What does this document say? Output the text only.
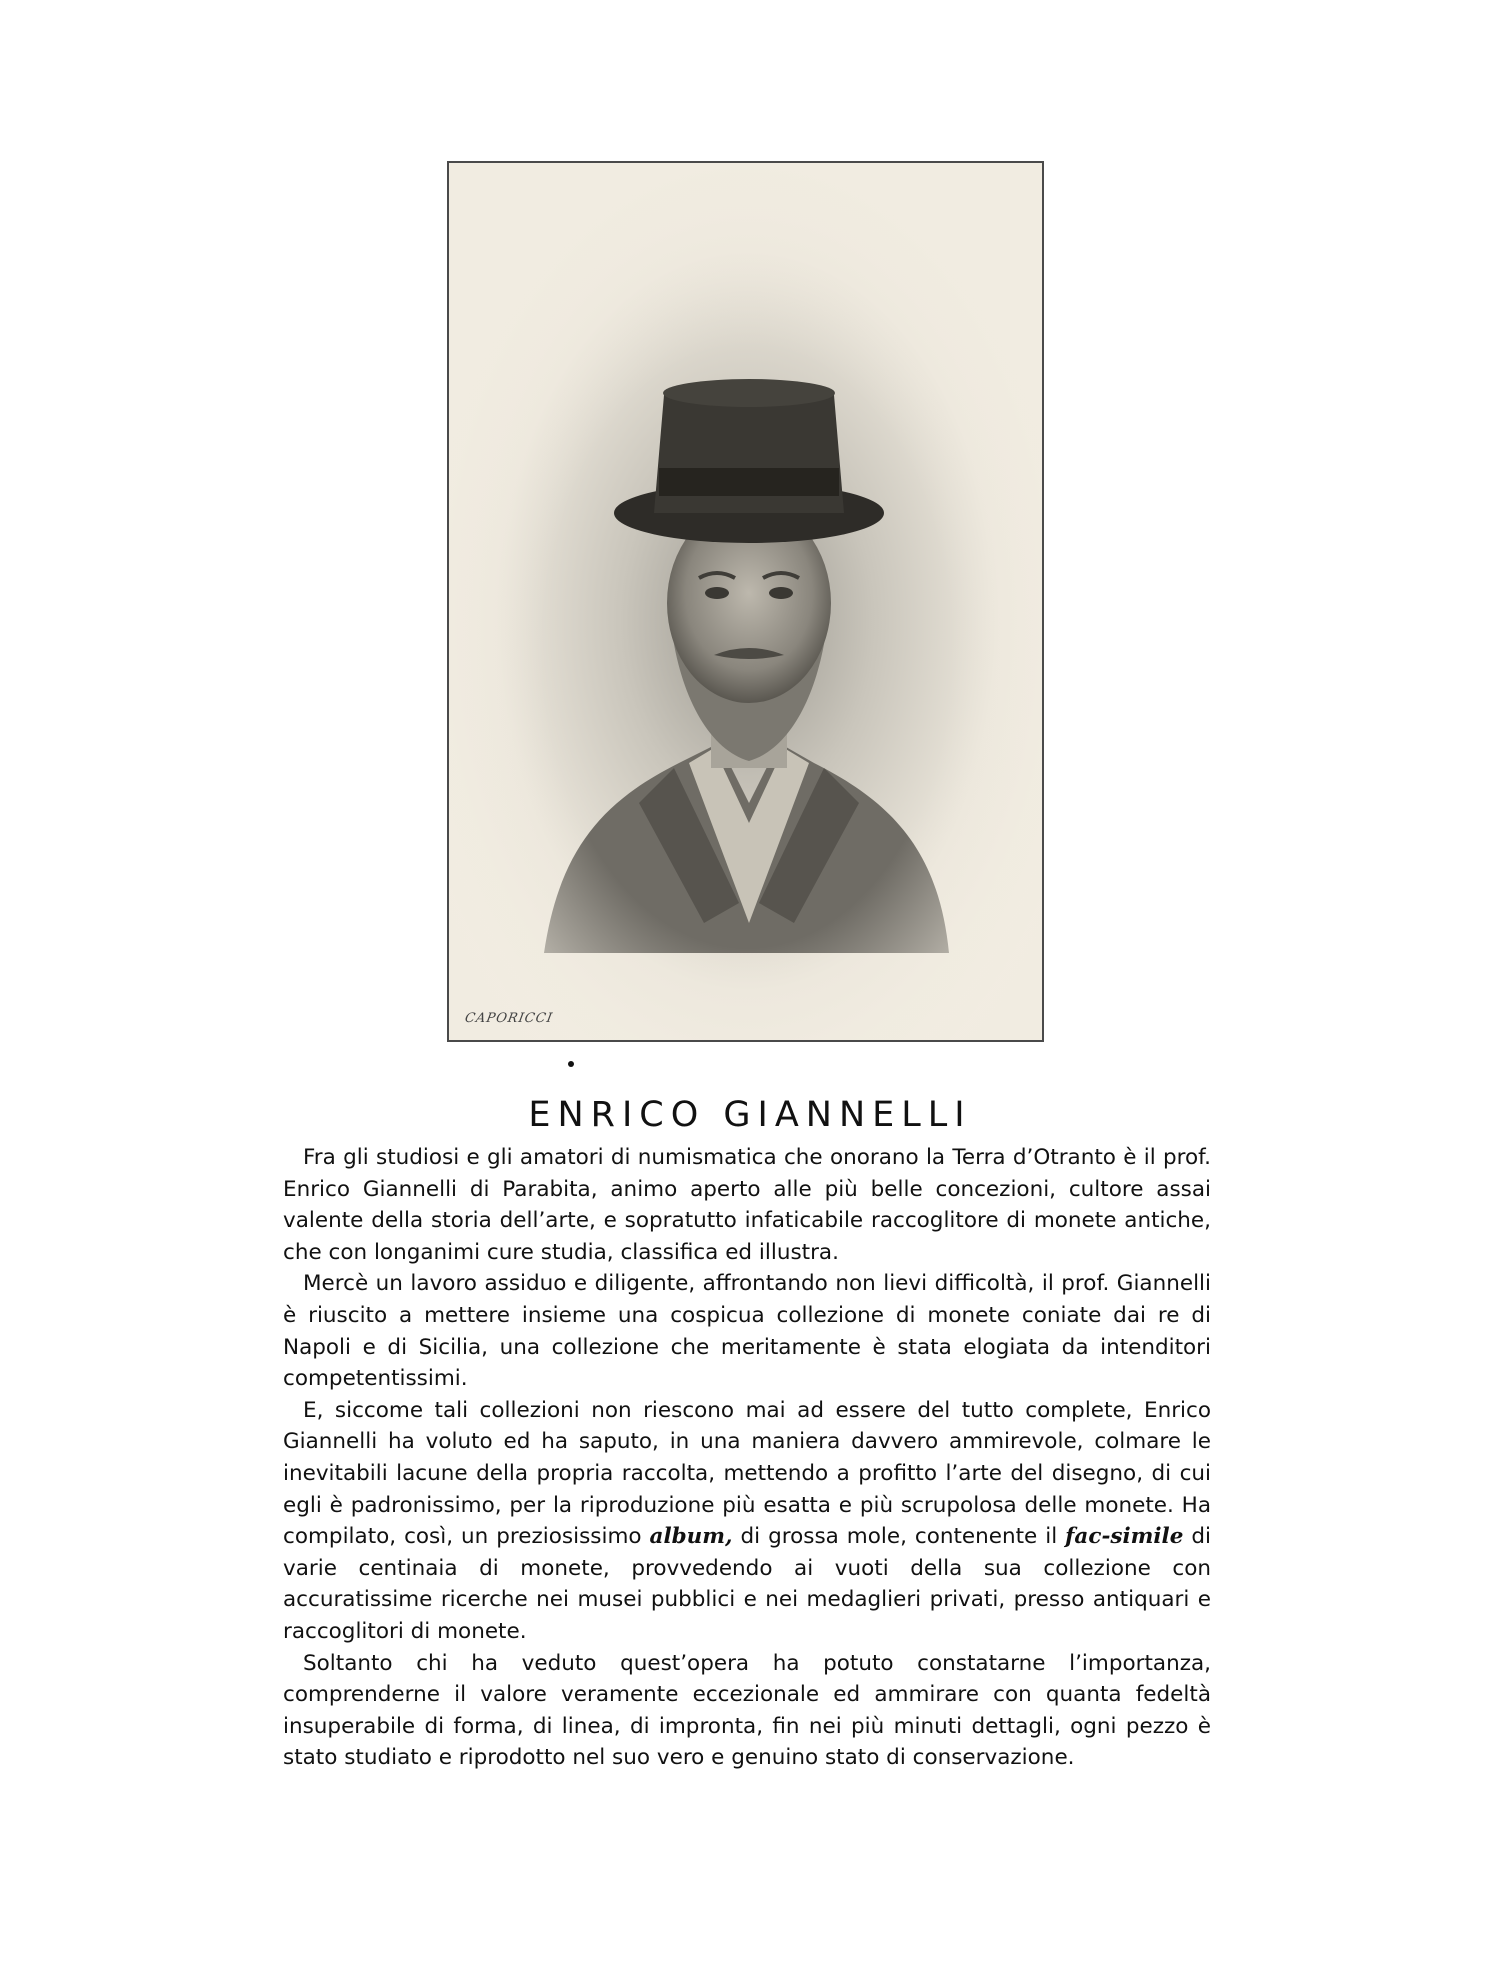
CAPORICCI
ENRICO GIANNELLI

Fra gli studiosi e gli amatori di numismatica che onorano la Terra d’Otranto è il prof. Enrico Giannelli di Parabita, animo aperto alle più belle concezioni, cultore assai valente della storia dell’arte, e sopratutto infaticabile raccoglitore di monete antiche, che con longanimi cure studia, classifica ed illustra.

Mercè un lavoro assiduo e diligente, affrontando non lievi difficoltà, il prof. Giannelli è riuscito a mettere insieme una cospicua collezione di monete coniate dai re di Napoli e di Sicilia, una collezione che meritamente è stata elogiata da intenditori competentissimi.

E, siccome tali collezioni non riescono mai ad essere del tutto complete, Enrico Giannelli ha voluto ed ha saputo, in una maniera davvero ammirevole, colmare le inevitabili lacune della propria raccolta, mettendo a profitto l’arte del disegno, di cui egli è padronissimo, per la riproduzione più esatta e più scrupolosa delle monete. Ha compilato, così, un preziosissimo album, di grossa mole, contenente il fac-simile di varie centinaia di monete, provvedendo ai vuoti della sua collezione con accuratissime ricerche nei musei pubblici e nei medaglieri privati, presso antiquari e raccoglitori di monete.

Soltanto chi ha veduto quest’opera ha potuto constatarne l’importanza, comprenderne il valore veramente eccezionale ed ammirare con quanta fedeltà insuperabile di forma, di linea, di impronta, fin nei più minuti dettagli, ogni pezzo è stato studiato e riprodotto nel suo vero e genuino stato di conservazione.
